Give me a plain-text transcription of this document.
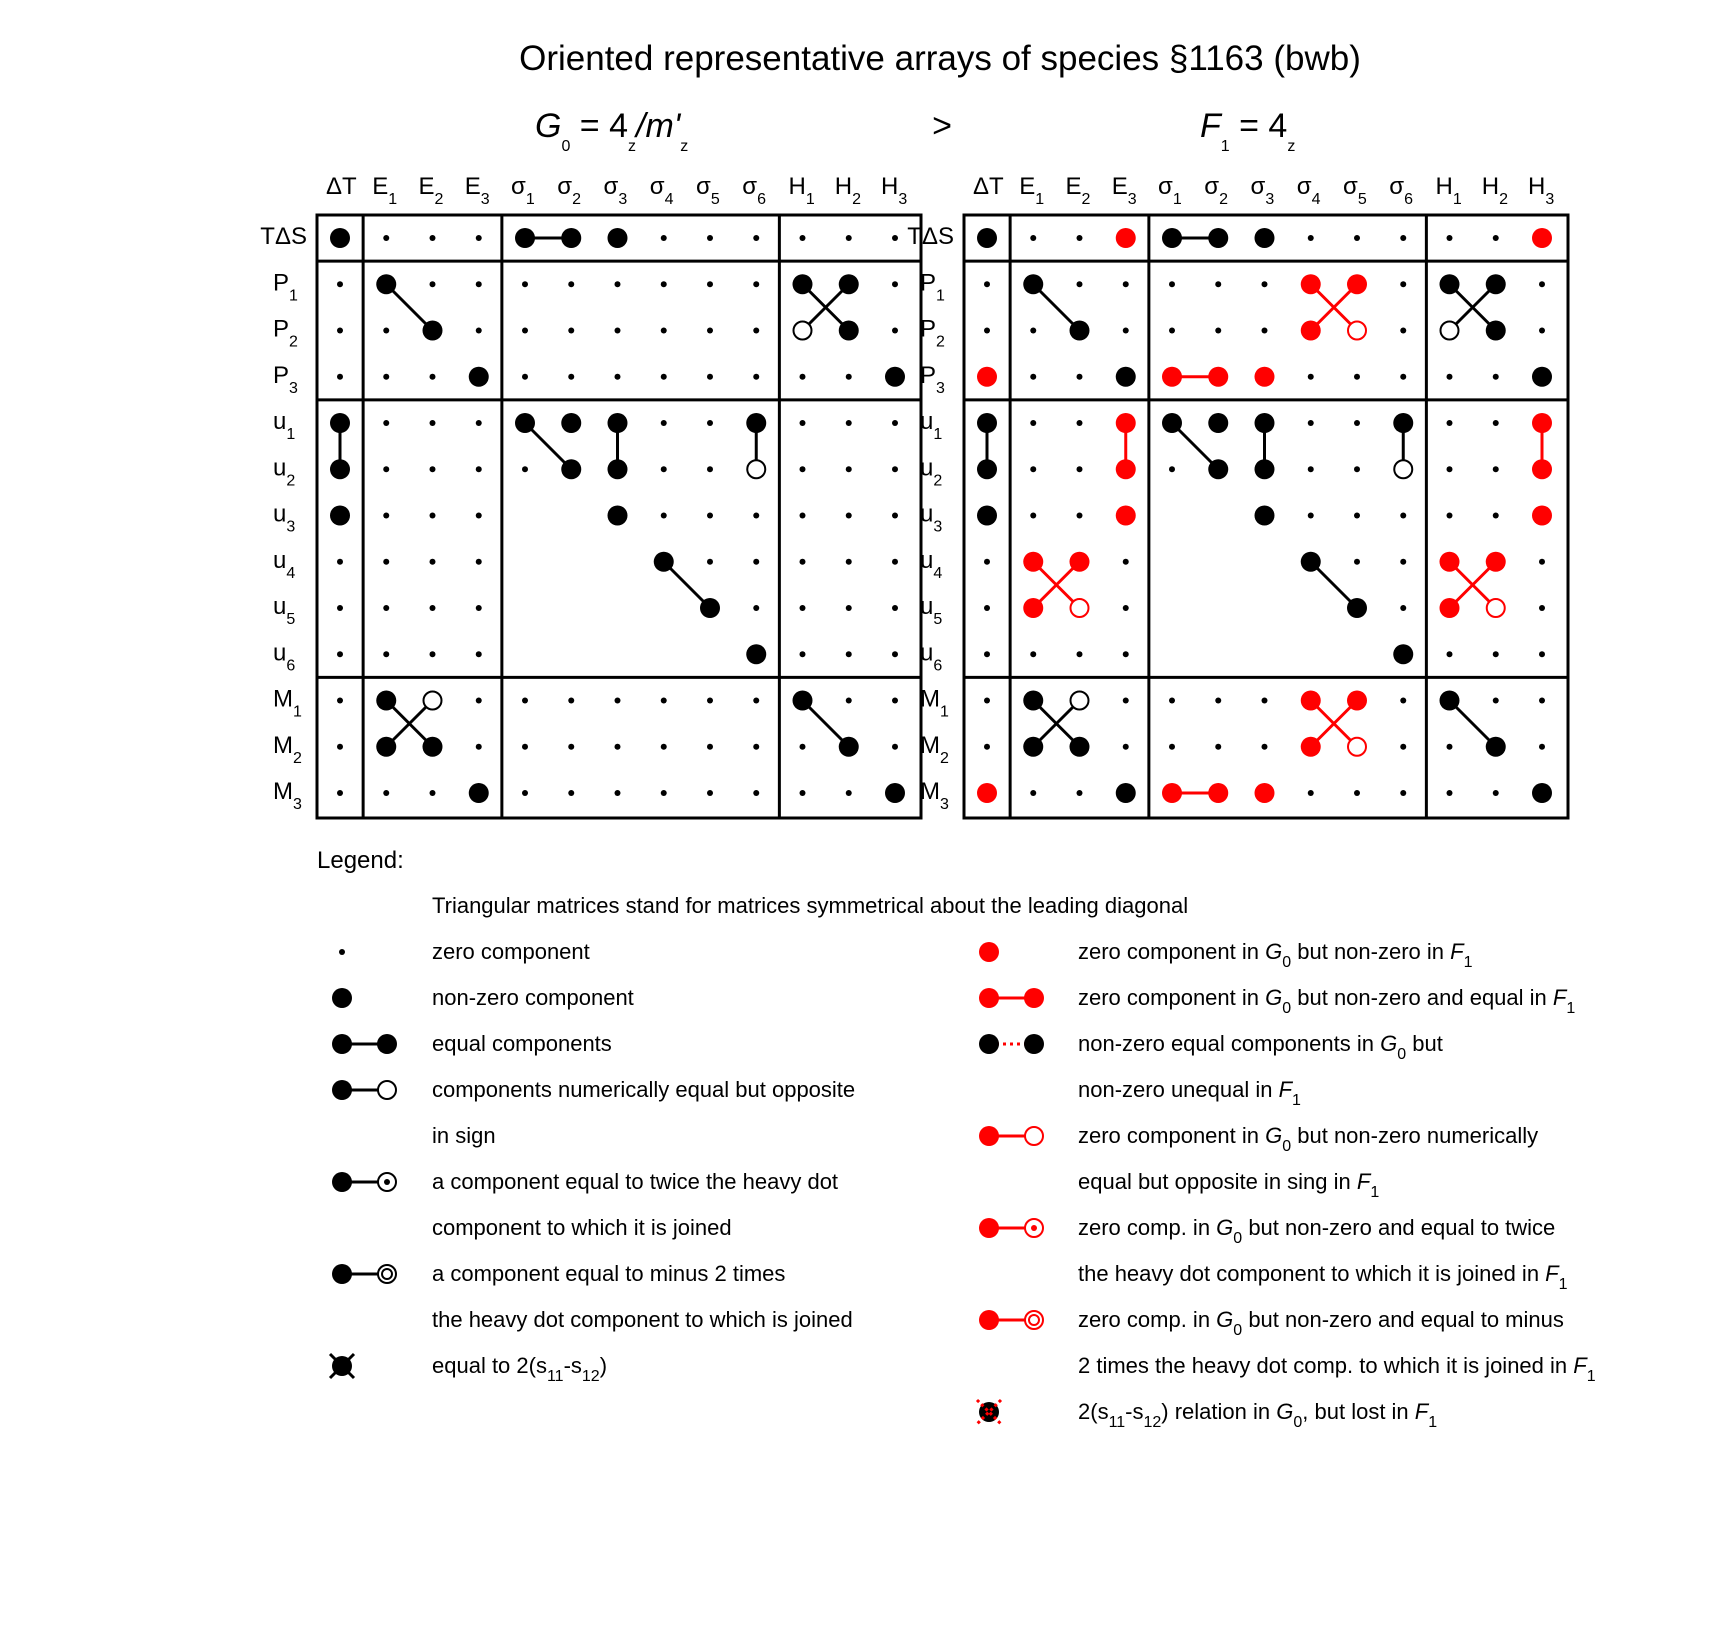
Oriented representative arrays of species §1163 (bwb)
$G_0 = 4_z/m'_z$
>	$F_1 = 4_z$
ΔT $E_1$ $E_2$ $E_3$ $\sigma_1$ $\sigma_2$ $\sigma_3$ $\sigma_4$ $\sigma_5$ $\sigma_6$ $H_1$ $H_2$ $H_3$
TΔS
$P_1$
$P_2$
$P_3$
$u_1$
$u_2$
$u_3$
$u_4$
$u_5$
$u_6$
$M_1$
$M_2$
$M_3$
ΔT $E_1$ $E_2$ $E_3$ $\sigma_1$ $\sigma_2$ $\sigma_3$ $\sigma_4$ $\sigma_5$ $\sigma_6$ $H_1$ $H_2$ $H_3$
TΔS
$P_1$
$P_2$
$P_3$
$u_1$
$u_2$
$u_3$
$u_4$
$u_5$
$u_6$
$M_1$
$M_2$
$M_3$
Legend:
Triangular matrices stand for matrices symmetrical about the leading diagonal
zero component
non-zero component
equal components
components numerically equal but opposite
in sign
a component equal to twice the heavy dot
component to which it is joined
a component equal to minus 2 times
the heavy dot component to which is joined
equal to $2(s_{11}-s_{12})$
zero component in $G_0$ but non-zero in $F_1$
zero component in $G_0$ but non-zero and equal in $F_1$
non-zero equal components in $G_0$ but
non-zero unequal in $F_1$
zero component in $G_0$ but non-zero numerically
equal but opposite in sing in $F_1$
zero comp. in $G_0$ but non-zero and equal to twice
the heavy dot component to which it is joined in $F_1$
zero comp. in $G_0$ but non-zero and equal to minus
2 times the heavy dot comp. to which it is joined in $F_1$
$2(s_{11}-s_{12})$ relation in $G_0$, but lost in $F_1$
